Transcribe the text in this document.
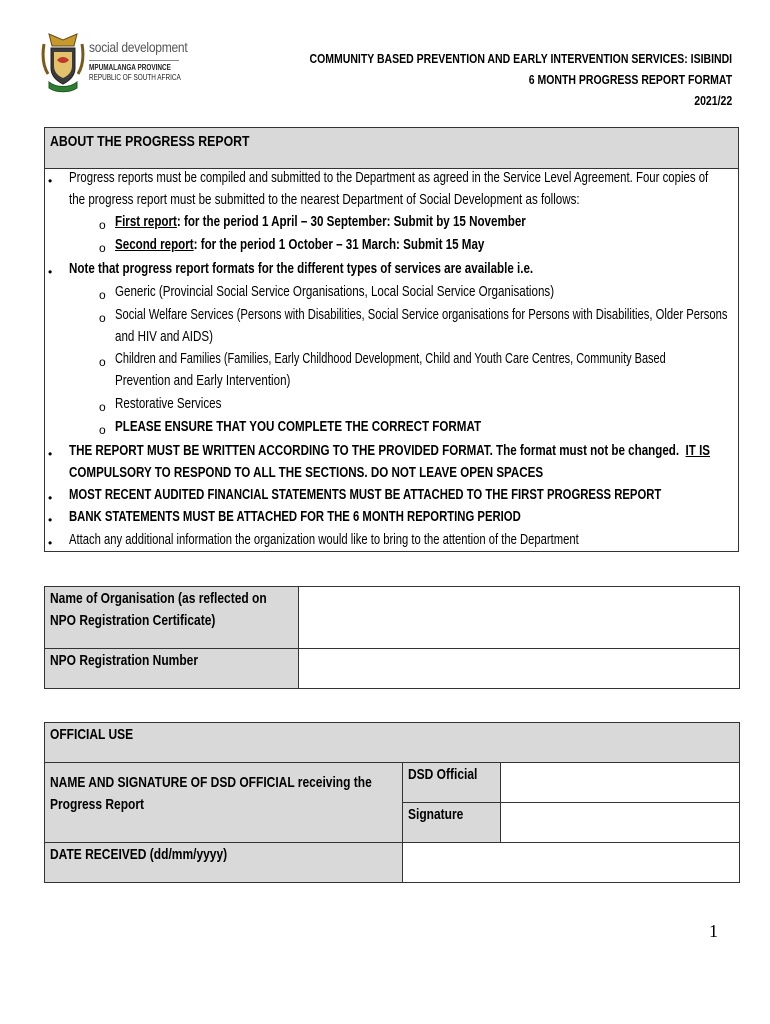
social development
MPUMALANGA PROVINCE
REPUBLIC OF SOUTH AFRICA
COMMUNITY BASED PREVENTION AND EARLY INTERVENTION SERVICES: ISIBINDI
6 MONTH PROGRESS REPORT FORMAT
2021/22
ABOUT THE PROGRESS REPORT
• Progress reports must be compiled and submitted to the Department as agreed in the Service Level Agreement. Four copies of
the progress report must be submitted to the nearest Department of Social Development as follows:
o First report: for the period 1 April – 30 September: Submit by 15 November
o Second report: for the period 1 October – 31 March: Submit 15 May
• Note that progress report formats for the different types of services are available i.e.
o Generic (Provincial Social Service Organisations, Local Social Service Organisations)
o Social Welfare Services (Persons with Disabilities, Social Service organisations for Persons with Disabilities, Older Persons
and HIV and AIDS)
o Children and Families (Families, Early Childhood Development, Child and Youth Care Centres, Community Based
Prevention and Early Intervention)
o Restorative Services
o PLEASE ENSURE THAT YOU COMPLETE THE CORRECT FORMAT
• THE REPORT MUST BE WRITTEN ACCORDING TO THE PROVIDED FORMAT. The format must not be changed. IT IS
COMPULSORY TO RESPOND TO ALL THE SECTIONS. DO NOT LEAVE OPEN SPACES
• MOST RECENT AUDITED FINANCIAL STATEMENTS MUST BE ATTACHED TO THE FIRST PROGRESS REPORT
• BANK STATEMENTS MUST BE ATTACHED FOR THE 6 MONTH REPORTING PERIOD
• Attach any additional information the organization would like to bring to the attention of the Department
Name of Organisation (as reflected on
NPO Registration Certificate)
NPO Registration Number
OFFICIAL USE
NAME AND SIGNATURE OF DSD OFFICIAL receiving the
Progress Report
DSD Official
Signature
DATE RECEIVED (dd/mm/yyyy)
1
